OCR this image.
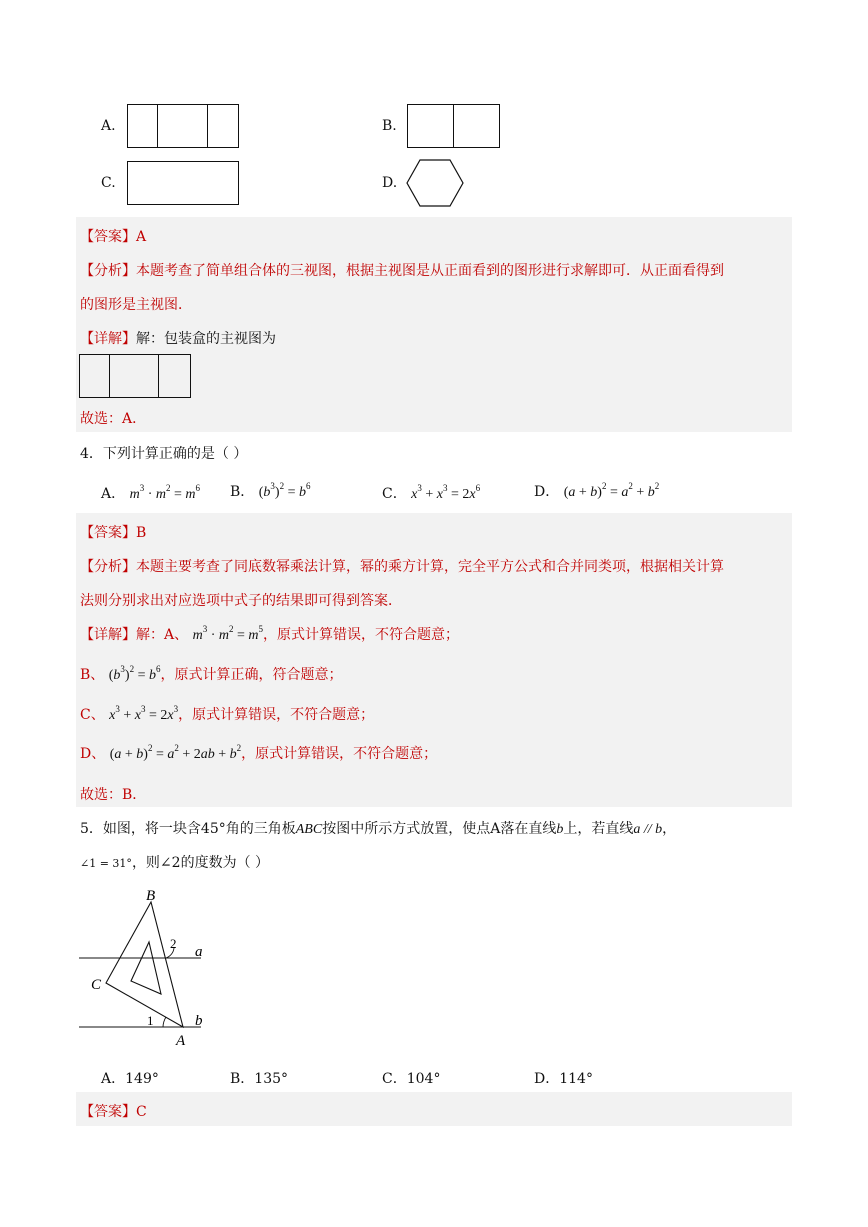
A.	B.
C.	D.
【答案】A
【分析】本题考查了简单组合体的三视图，根据主视图是从正面看到的图形进行求解即可．从正面看得到
的图形是主视图．
【详解】解：包装盒的主视图为
故选：A．
4．下列计算正确的是（ ）
A． $m^3 \cdot m^2 = m^6$ B． $(b^3)^2 = b^6$	C． $x^3 + x^3 = 2x^6$	D． $(a + b)^2 = a^2 + b^2$
【答案】B
【分析】本题主要考查了同底数幂乘法计算，幂的乘方计算，完全平方公式和合并同类项，根据相关计算
法则分别求出对应选项中式子的结果即可得到答案．
【详解】解：A、 $m^3 \cdot m^2 = m^5$，原式计算错误，不符合题意；
B、 $(b^3)^2 = b^6$，原式计算正确，符合题意；
C、 $x^3 + x^3 = 2x^3$，原式计算错误，不符合题意；
D、 $(a + b)^2 = a^2 + 2ab + b^2$，原式计算错误，不符合题意；
故选：B．
5．如图，将一块含45°角的三角板ABC按图中所示方式放置，使点A落在直线b上，若直线a // b，
∠1 = 31°，则∠2的度数为（ ）
B
C
A
a
b
1
2
A．149°	B．135°	C．104°	D．114°
【答案】C
